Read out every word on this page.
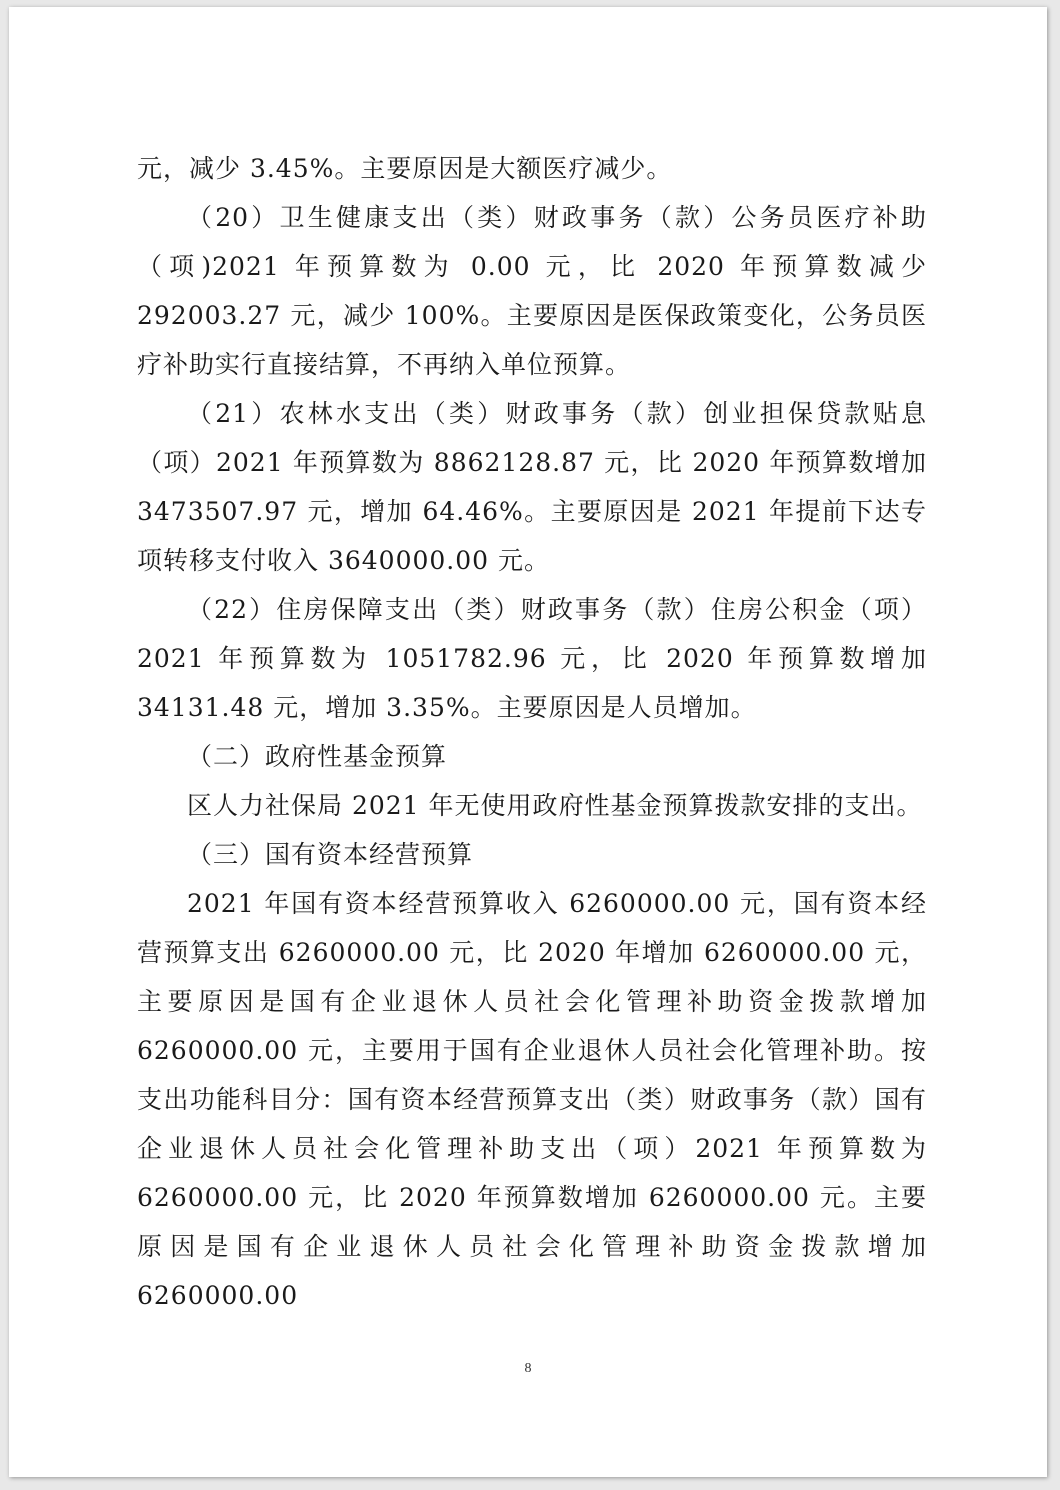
元，减少 3.45%。主要原因是大额医疗减少。

（20）卫生健康支出（类）财政事务（款）公务员医疗补助（项)2021 年预算数为 0.00 元，比 2020 年预算数减少 292003.27 元，减少 100%。主要原因是医保政策变化，公务员医疗补助实行直接结算，不再纳入单位预算。

（21）农林水支出（类）财政事务（款）创业担保贷款贴息（项）2021 年预算数为 8862128.87 元，比 2020 年预算数增加 3473507.97 元，增加 64.46%。主要原因是 2021 年提前下达专项转移支付收入 3640000.00 元。

（22）住房保障支出（类）财政事务（款）住房公积金（项）2021 年预算数为 1051782.96 元，比 2020 年预算数增加 34131.48 元，增加 3.35%。主要原因是人员增加。

（二）政府性基金预算

区人力社保局 2021 年无使用政府性基金预算拨款安排的支出。

（三）国有资本经营预算

2021 年国有资本经营预算收入 6260000.00 元，国有资本经营预算支出 6260000.00 元，比 2020 年增加 6260000.00 元，主要原因是国有企业退休人员社会化管理补助资金拨款增加 6260000.00 元，主要用于国有企业退休人员社会化管理补助。按支出功能科目分：国有资本经营预算支出（类）财政事务（款）国有企业退休人员社会化管理补助支出（项）2021 年预算数为 6260000.00 元，比 2020 年预算数增加 6260000.00 元。主要原因是国有企业退休人员社会化管理补助资金拨款增加 6260000.00

8
